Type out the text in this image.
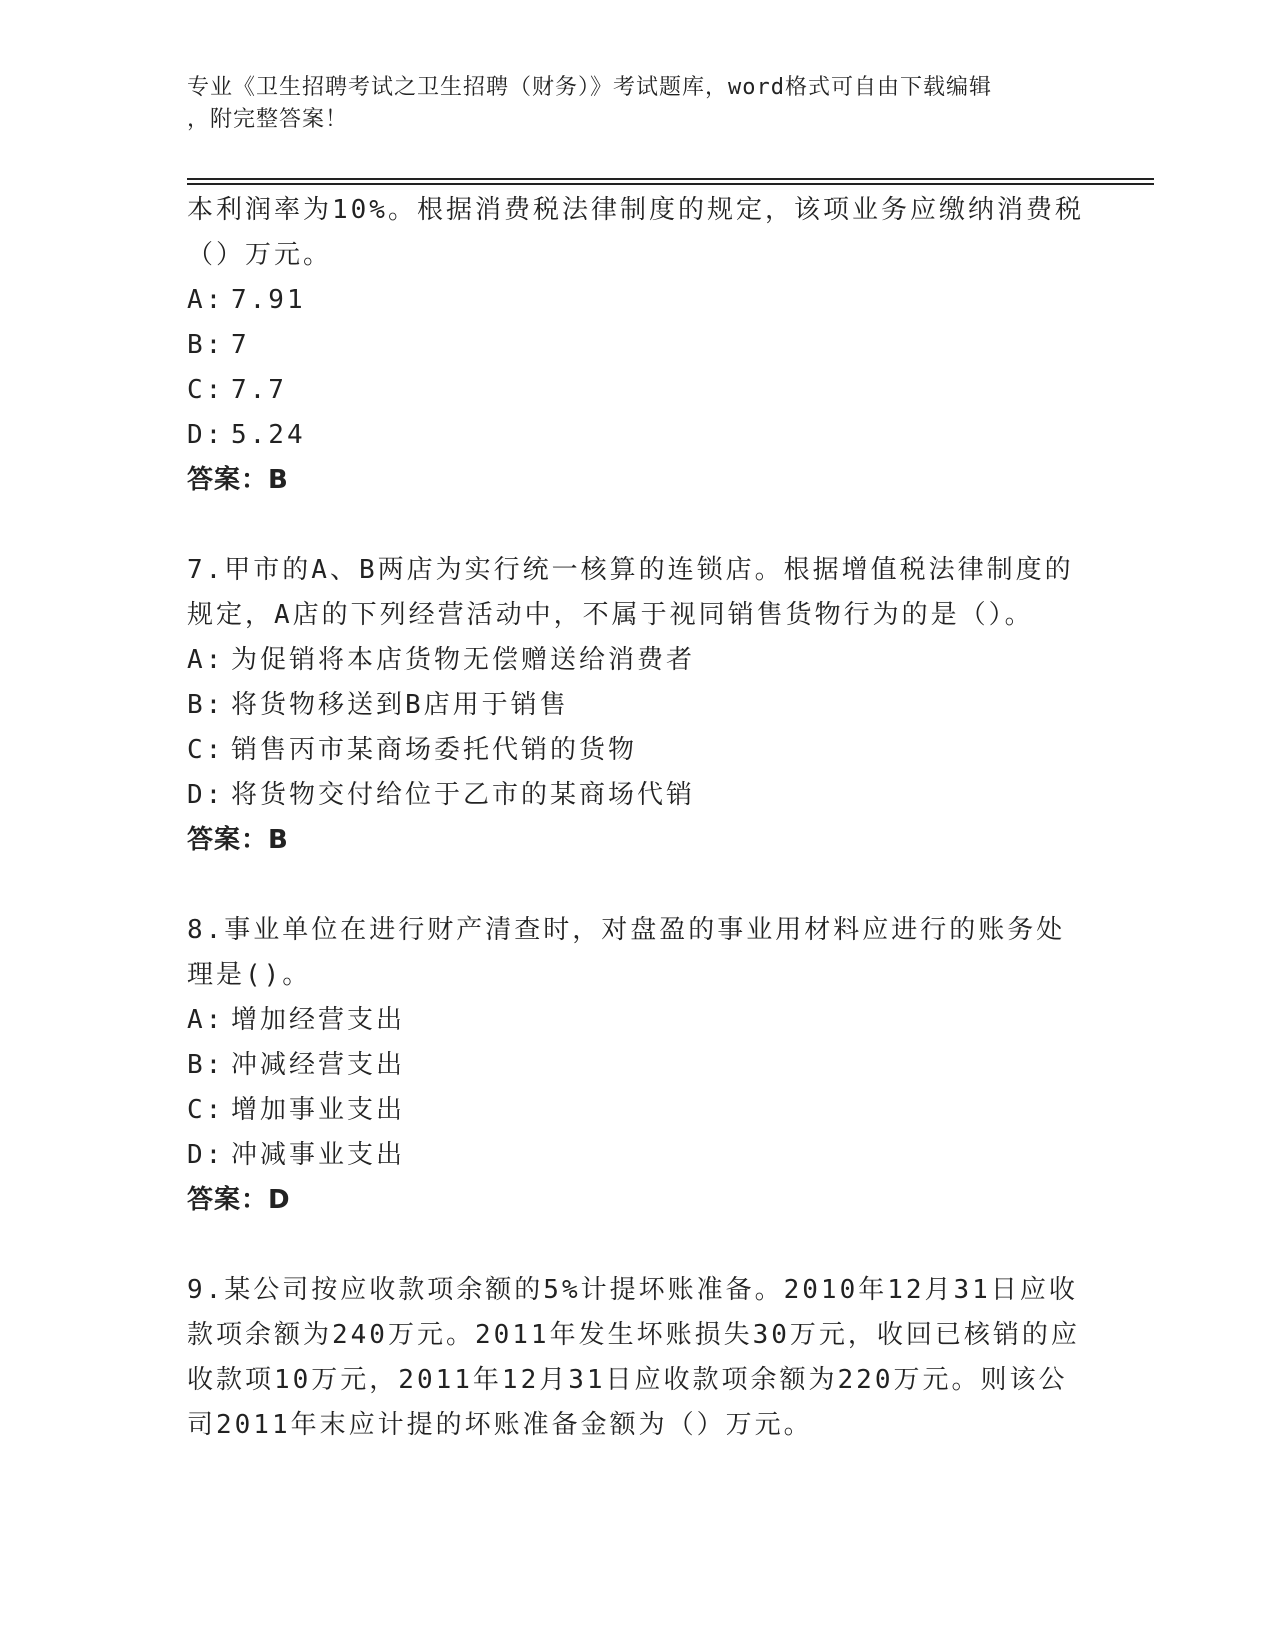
专业《卫生招聘考试之卫生招聘（财务）》考试题库，word格式可自由下载编辑
，附完整答案！
本利润率为10%。根据消费税法律制度的规定，该项业务应缴纳消费税
（）万元。
A: 7.91
B: 7
C: 7.7
D: 5.24
答案：B
7.甲市的A、B两店为实行统一核算的连锁店。根据增值税法律制度的
规定，A店的下列经营活动中，不属于视同销售货物行为的是（）。
A: 为促销将本店货物无偿赠送给消费者
B: 将货物移送到B店用于销售
C: 销售丙市某商场委托代销的货物
D: 将货物交付给位于乙市的某商场代销
答案：B
8.事业单位在进行财产清查时，对盘盈的事业用材料应进行的账务处
理是()。
A: 增加经营支出
B: 冲减经营支出
C: 增加事业支出
D: 冲减事业支出
答案：D
9.某公司按应收款项余额的5%计提坏账准备。2010年12月31日应收
款项余额为240万元。2011年发生坏账损失30万元，收回已核销的应
收款项10万元，2011年12月31日应收款项余额为220万元。则该公
司2011年末应计提的坏账准备金额为（）万元。
